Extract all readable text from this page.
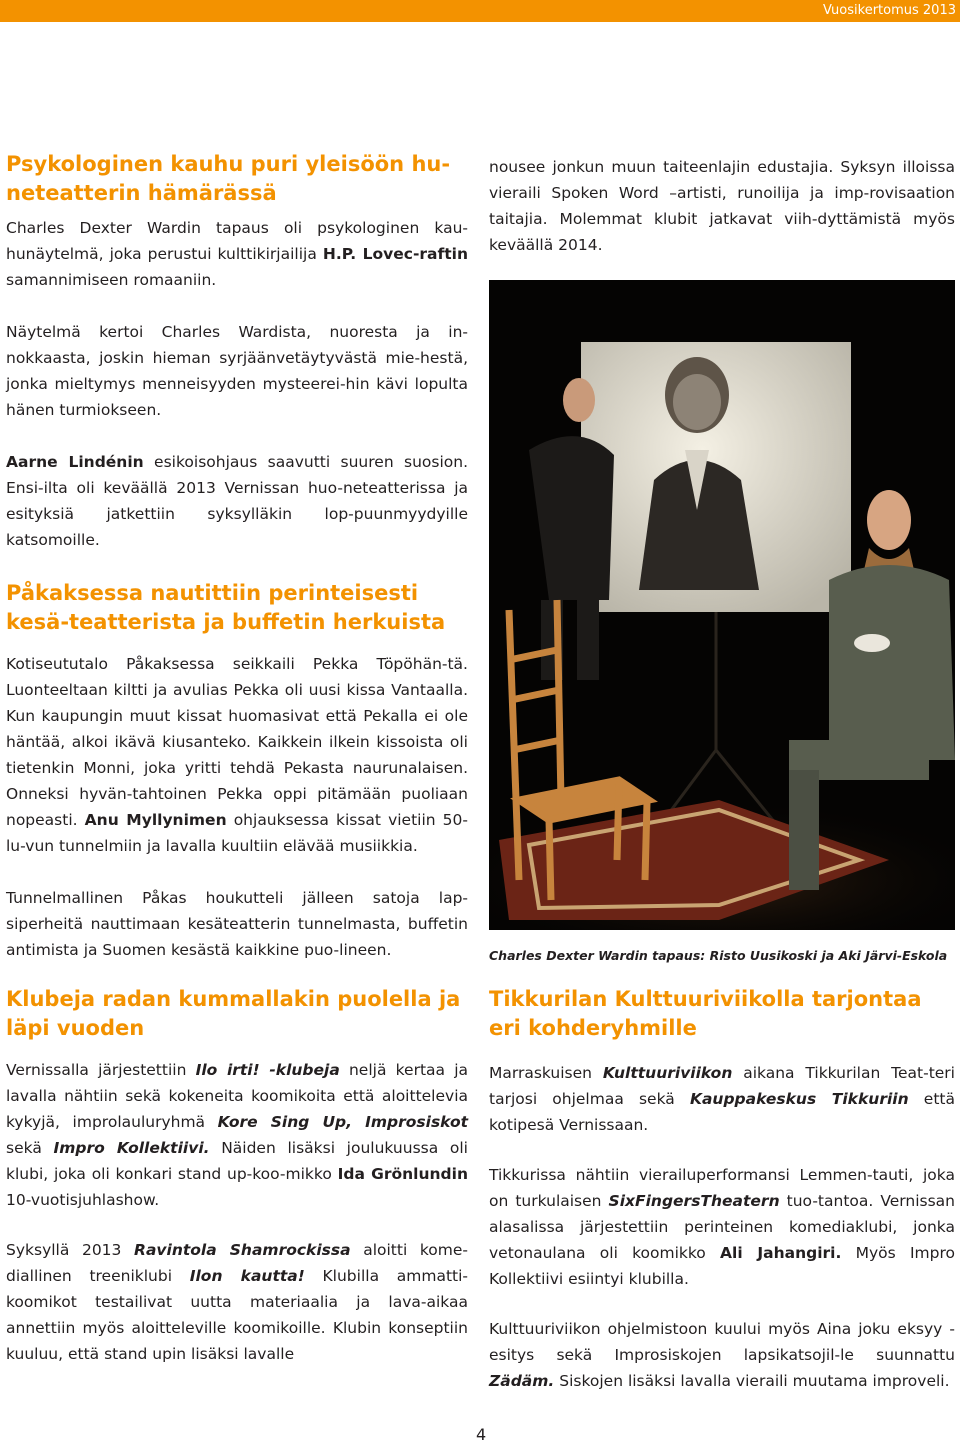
Vuosikertomus 2013
Psykologinen kauhu puri yleisöön hu-neteatterin hämärässä

Charles Dexter Wardin tapaus oli psykologinen kau-hunäytelmä, joka perustui kulttikirjailija H.P. Lovec-raftin samannimiseen romaaniin.

Näytelmä kertoi Charles Wardista, nuoresta ja in-nokkaasta, joskin hieman syrjäänvetäytyvästä mie-hestä, jonka mieltymys menneisyyden mysteerei-hin kävi lopulta hänen turmiokseen.

Aarne Lindénin esikoisohjaus saavutti suuren suosion. Ensi-ilta oli keväällä 2013 Vernissan huo-neteatterissa ja esityksiä jatkettiin syksylläkin lop-puunmyydyille katsomoille.

Påkaksessa nautittiin perinteisesti kesä-teatterista ja buffetin herkuista

Kotiseututalo Påkaksessa seikkaili Pekka Töpöhän-tä. Luonteeltaan kiltti ja avulias Pekka oli uusi kissa Vantaalla. Kun kaupungin muut kissat huomasivat että Pekalla ei ole häntää, alkoi ikävä kiusanteko. Kaikkein ilkein kissoista oli tietenkin Monni, joka yritti tehdä Pekasta naurunalaisen. Onneksi hyvän-tahtoinen Pekka oppi pitämään puoliaan nopeasti. Anu Myllynimen ohjauksessa kissat vietiin 50-lu-vun tunnelmiin ja lavalla kuultiin elävää musiikkia.

Tunnelmallinen Påkas houkutteli jälleen satoja lap-siperheitä nauttimaan kesäteatterin tunnelmasta, buffetin antimista ja Suomen kesästä kaikkine puo-lineen.

Klubeja radan kummallakin puolella ja läpi vuoden

Vernissalla järjestettiin Ilo irti! -klubeja neljä kertaa ja lavalla nähtiin sekä kokeneita koomikoita että aloittelevia kykyjä, improlauluryhmä Kore Sing Up, Improsiskot sekä Impro Kollektiivi. Näiden lisäksi joulukuussa oli klubi, joka oli konkari stand up-koo-mikko Ida Grönlundin 10-vuotisjuhlashow.

Syksyllä 2013 Ravintola Shamrockissa aloitti kome-diallinen treeniklubi Ilon kautta! Klubilla ammatti-koomikot testailivat uutta materiaalia ja lava-aikaa annettiin myös aloitteleville koomikoille. Klubin konseptiin kuuluu, että stand upin lisäksi lavalle

nousee jonkun muun taiteenlajin edustajia. Syksyn illoissa vieraili Spoken Word –artisti, runoilija ja imp-rovisaation taitajia. Molemmat klubit jatkavat viih-dyttämistä myös keväällä 2014.

Charles Dexter Wardin tapaus: Risto Uusikoski ja Aki Järvi-Eskola
Tikkurilan Kulttuuriviikolla tarjontaa eri kohderyhmille

Marraskuisen Kulttuuriviikon aikana Tikkurilan Teat-teri tarjosi ohjelmaa sekä Kauppakeskus Tikkuriin että kotipesä Vernissaan.

Tikkurissa nähtiin vierailuperformansi Lemmen-tauti, joka on turkulaisen SixFingersTheatern tuo-tantoa. Vernissan alasalissa järjestettiin perinteinen komediaklubi, jonka vetonaulana oli koomikko Ali Jahangiri. Myös Impro Kollektiivi esiintyi klubilla.

Kulttuuriviikon ohjelmistoon kuului myös Aina joku eksyy -esitys sekä Improsiskojen lapsikatsojil-le suunnattu Zädäm. Siskojen lisäksi lavalla vieraili muutama improveli.

4
